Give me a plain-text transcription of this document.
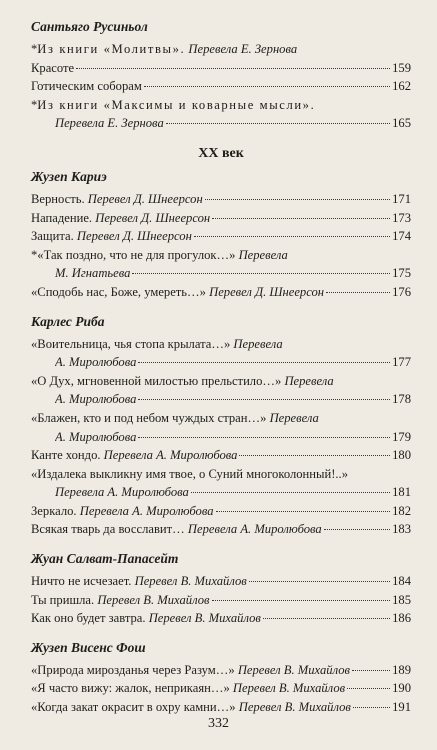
Сантьяго Русиньол
*Из книги «Молитвы». Перевела Е. Зернова
Красоте	159
Готическим соборам	162
*Из книги «Максимы и коварные мысли».
Перевела Е. Зернова	165
XX век
Жузеп Кариэ
Верность. Перевел Д. Шнеерсон	171
Нападение. Перевел Д. Шнеерсон	173
Защита. Перевел Д. Шнеерсон	174
*«Так поздно, что не для прогулок…» Перевела
М. Игнатьева	175
«Сподобь нас, Боже, умереть…» Перевел Д. Шнеерсон	176
Карлес Риба
«Воительница, чья стопа крылата…» Перевела
А. Миролюбова	177
«О Дух, мгновенной милостью прельстило…» Перевела
А. Миролюбова	178
«Блажен, кто и под небом чуждых стран…» Перевела
А. Миролюбова	179
Канте хондо. Перевела А. Миролюбова	180
«Издалека выкликну имя твое, о Суний многоколонный!..»
Перевела А. Миролюбова	181
Зеркало. Перевела А. Миролюбова	182
Всякая тварь да восславит… Перевела А. Миролюбова	183
Жуан Салват-Папасейт
Ничто не исчезает. Перевел В. Михайлов	184
Ты пришла. Перевел В. Михайлов	185
Как оно будет завтра. Перевел В. Михайлов	186
Жузеп Висенс Фош
«Природа мирозданья через Разум…» Перевел В. Михайлов	189
«Я часто вижу: жалок, неприкаян…» Перевел В. Михайлов	190
«Когда закат окрасит в охру камни…» Перевел В. Михайлов	191
332
